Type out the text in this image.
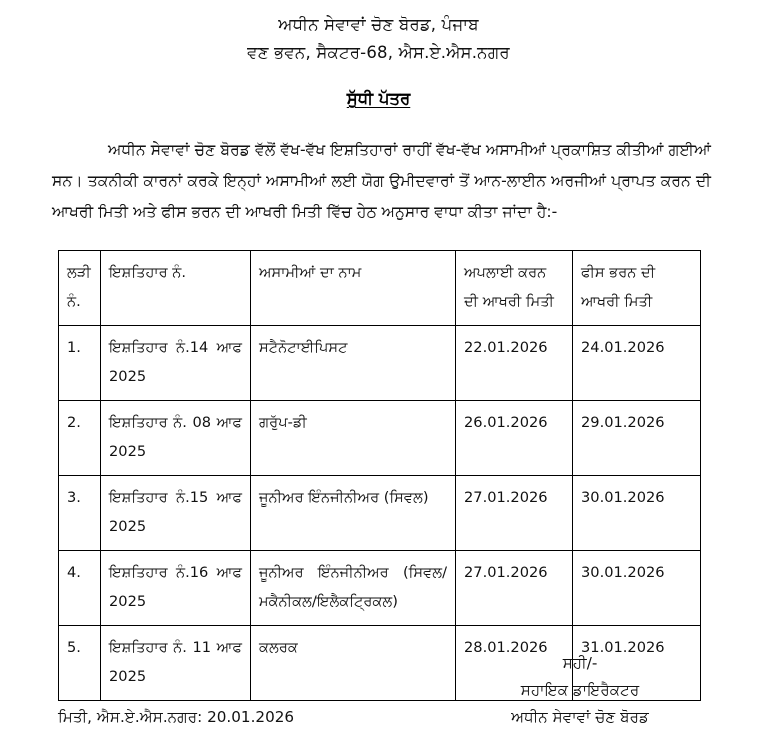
ਅਧੀਨ ਸੇਵਾਵਾਂ ਚੋਣ ਬੋਰਡ, ਪੰਜਾਬ
ਵਣ ਭਵਨ, ਸੈਕਟਰ-68, ਐਸ.ਏ.ਐਸ.ਨਗਰ
ਸੁੱਧੀ ਪੱਤਰ

ਅਧੀਨ ਸੇਵਾਵਾਂ ਚੋਣ ਬੋਰਡ ਵੱਲੋਂ ਵੱਖ-ਵੱਖ ਇਸ਼ਤਿਹਾਰਾਂ ਰਾਹੀਂ ਵੱਖ-ਵੱਖ ਅਸਾਮੀਆਂ ਪ੍ਰਕਾਸ਼ਿਤ ਕੀਤੀਆਂ ਗਈਆਂ ਸਨ। ਤਕਨੀਕੀ ਕਾਰਨਾਂ ਕਰਕੇ ਇਨ੍ਹਾਂ ਅਸਾਮੀਆਂ ਲਈ ਯੋਗ ਉਮੀਦਵਾਰਾਂ ਤੋਂ ਆਨ-ਲਾਈਨ ਅਰਜੀਆਂ ਪ੍ਰਾਪਤ ਕਰਨ ਦੀ ਆਖਰੀ ਮਿਤੀ ਅਤੇ ਫੀਸ ਭਰਨ ਦੀ ਆਖਰੀ ਮਿਤੀ ਵਿੱਚ ਹੇਠ ਅਨੁਸਾਰ ਵਾਧਾ ਕੀਤਾ ਜਾਂਦਾ ਹੈ:-

ਲੜੀ ਨੰ.	ਇਸ਼ਤਿਹਾਰ ਨੰ.	ਅਸਾਮੀਆਂ ਦਾ ਨਾਮ	ਅਪਲਾਈ ਕਰਨ ਦੀ ਆਖਰੀ ਮਿਤੀ	ਫੀਸ ਭਰਨ ਦੀ ਆਖਰੀ ਮਿਤੀ
1.	ਇਸ਼ਤਿਹਾਰ ਨੰ.14 ਆਫ 2025	ਸਟੈਨੋਟਾਈਪਿਸਟ	22.01.2026	24.01.2026
2.	ਇਸ਼ਤਿਹਾਰ ਨੰ. 08 ਆਫ 2025	ਗਰੁੱਪ-ਡੀ	26.01.2026	29.01.2026
3.	ਇਸ਼ਤਿਹਾਰ ਨੰ.15 ਆਫ 2025	ਜੂਨੀਅਰ ਇੰਨਜੀਨੀਅਰ (ਸਿਵਲ)	27.01.2026	30.01.2026
4.	ਇਸ਼ਤਿਹਾਰ ਨੰ.16 ਆਫ 2025	ਜੂਨੀਅਰ ਇੰਨਜੀਨੀਅਰ (ਸਿਵਲ/ਮਕੈਨੀਕਲ/ਇਲੈਕਟ੍ਰਿਕਲ)	27.01.2026	30.01.2026
5.	ਇਸ਼ਤਿਹਾਰ ਨੰ. 11 ਆਫ 2025	ਕਲਰਕ	28.01.2026	31.01.2026
ਸਹੀ/-
ਸਹਾਇਕ ਡਾਇਰੈਕਟਰ
ਅਧੀਨ ਸੇਵਾਵਾਂ ਚੋਣ ਬੋਰਡ
ਮਿਤੀ, ਐਸ.ਏ.ਐਸ.ਨਗਰ: 20.01.2026
